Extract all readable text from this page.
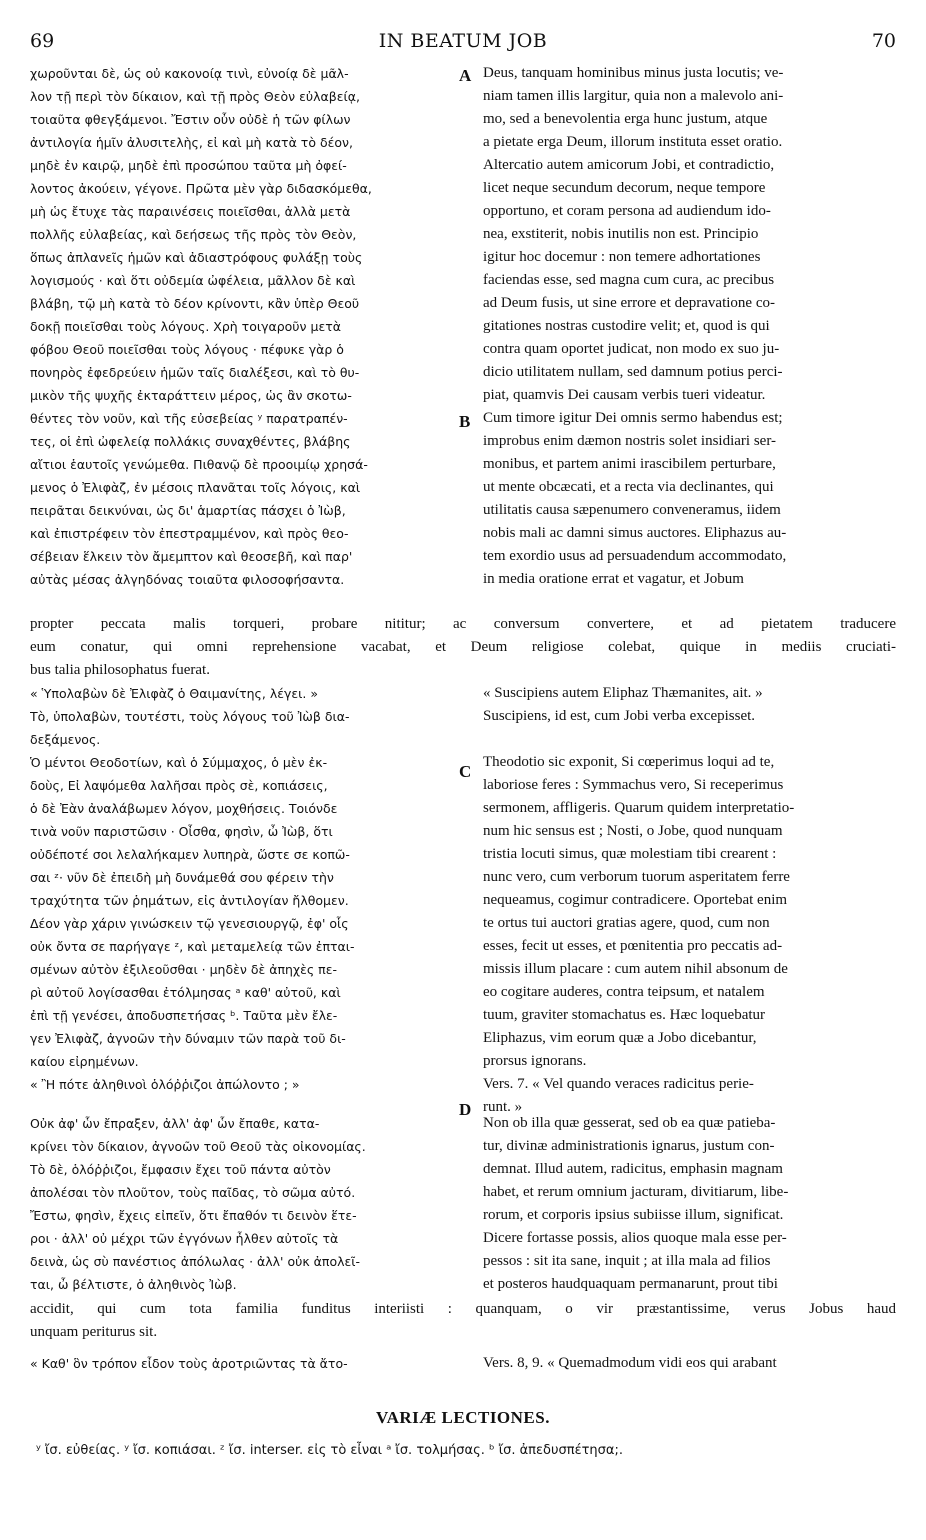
69	IN BEATUM JOB	70
χωροῦνται δὲ, ὡς οὐ κακονοίᾳ τινὶ, εὐνοίᾳ δὲ μᾶλ-
λον τῇ περὶ τὸν δίκαιον, καὶ τῇ πρὸς Θεὸν εὐλαβείᾳ,
τοιαῦτα φθεγξάμενοι. Ἔστιν οὖν οὐδὲ ἡ τῶν φίλων
ἀντιλογία ἡμῖν ἀλυσιτελὴς, εἰ καὶ μὴ κατὰ τὸ δέον,
μηδὲ ἐν καιρῷ, μηδὲ ἐπὶ προσώπου ταῦτα μὴ ὀφεί-
λοντος ἀκούειν, γέγονε. Πρῶτα μὲν γὰρ διδασκόμεθα,
μὴ ὡς ἔτυχε τὰς παραινέσεις ποιεῖσθαι, ἀλλὰ μετὰ
πολλῆς εὐλαβείας, καὶ δεήσεως τῆς πρὸς τὸν Θεὸν,
ὅπως ἀπλανεῖς ἡμῶν καὶ ἀδιαστρόφους φυλάξῃ τοὺς
λογισμούς · καὶ ὅτι οὐδεμία ὠφέλεια, μᾶλλον δὲ καὶ
βλάβη, τῷ μὴ κατὰ τὸ δέον κρίνοντι, κἂν ὑπὲρ Θεοῦ
δοκῇ ποιεῖσθαι τοὺς λόγους. Χρὴ τοιγαροῦν μετὰ
φόβου Θεοῦ ποιεῖσθαι τοὺς λόγους · πέφυκε γὰρ ὁ
πονηρὸς ἐφεδρεύειν ἡμῶν ταῖς διαλέξεσι, καὶ τὸ θυ-
μικὸν τῆς ψυχῆς ἐκταράττειν μέρος, ὡς ἂν σκοτω-
θέντες τὸν νοῦν, καὶ τῆς εὐσεβείας ʸ παρατραπέν-
τες, οἱ ἐπὶ ὠφελείᾳ πολλάκις συναχθέντες, βλάβης
αἴτιοι ἑαυτοῖς γενώμεθα. Πιθανῷ δὲ προοιμίῳ χρησά-
μενος ὁ Ἐλιφὰζ, ἐν μέσοις πλανᾶται τοῖς λόγοις, καὶ
πειρᾶται δεικνύναι, ὡς δι' ἁμαρτίας πάσχει ὁ Ἰὼβ,
καὶ ἐπιστρέφειν τὸν ἐπεστραμμένον, καὶ πρὸς θεο-
σέβειαν ἕλκειν τὸν ἄμεμπτον καὶ θεοσεβῆ, καὶ παρ'
αὐτὰς μέσας ἀλγηδόνας τοιαῦτα φιλοσοφήσαντα.
Deus, tanquam hominibus minus justa locutis; ve-
niam tamen illis largitur, quia non a malevolo ani-
mo, sed a benevolentia erga hunc justum, atque
a pietate erga Deum, illorum instituta esset oratio.
Altercatio autem amicorum Jobi, et contradictio,
licet neque secundum decorum, neque tempore
opportuno, et coram persona ad audiendum ido-
nea, exstiterit, nobis inutilis non est. Principio
igitur hoc docemur : non temere adhortationes
faciendas esse, sed magna cum cura, ac precibus
ad Deum fusis, ut sine errore et depravatione co-
gitationes nostras custodire velit; et, quod is qui
contra quam oportet judicat, non modo ex suo ju-
dicio utilitatem nullam, sed damnum potius perci-
piat, quamvis Dei causam verbis tueri videatur.
Cum timore igitur Dei omnis sermo habendus est;
improbus enim dæmon nostris solet insidiari ser-
monibus, et partem animi irascibilem perturbare,
ut mente obcæcati, et a recta via declinantes, qui
utilitatis causa sæpenumero conveneramus, iidem
nobis mali ac damni simus auctores. Eliphazus au-
tem exordio usus ad persuadendum accommodato,
in media oratione errat et vagatur, et Jobum
propter peccata malis torqueri, probare nititur; ac conversum convertere, et ad pietatem traducere
eum conatur, qui omni reprehensione vacabat, et Deum religiose colebat, quique in mediis cruciati-
bus talia philosophatus fuerat.
« Ὑπολαβὼν δὲ Ἐλιφὰζ ὁ Θαιμανίτης, λέγει. »
Τὸ, ὑπολαβὼν, τουτέστι, τοὺς λόγους τοῦ Ἰὼβ δια-
δεξάμενος.
Ὁ μέντοι Θεοδοτίων, καὶ ὁ Σύμμαχος, ὁ μὲν ἐκ-
δοὺς, Εἰ λαψόμεθα λαλῆσαι πρὸς σὲ, κοπιάσεις,
ὁ δὲ Ἐὰν ἀναλάβωμεν λόγον, μοχθήσεις. Τοιόνδε
τινὰ νοῦν παριστῶσιν · Οἶσθα, φησὶν, ὦ Ἰὼβ, ὅτι
οὐδέποτέ σοι λελαλήκαμεν λυπηρὰ, ὥστε σε κοπῶ-
σαι ᶻ· νῦν δὲ ἐπειδὴ μὴ δυνάμεθά σου φέρειν τὴν
τραχύτητα τῶν ῥημάτων, εἰς ἀντιλογίαν ἤλθομεν.
Δέον γὰρ χάριν γινώσκειν τῷ γενεσιουργῷ, ἐφ' οἷς
οὐκ ὄντα σε παρήγαγε ᶻ, καὶ μεταμελείᾳ τῶν ἐπται-
σμένων αὐτὸν ἐξιλεοῦσθαι · μηδὲν δὲ ἀπηχὲς πε-
ρὶ αὐτοῦ λογίσασθαι ἐτόλμησας ᵃ καθ' αὐτοῦ, καὶ
ἐπὶ τῇ γενέσει, ἀποδυσπετήσας ᵇ. Ταῦτα μὲν ἔλε-
γεν Ἐλιφὰζ, ἀγνοῶν τὴν δύναμιν τῶν παρὰ τοῦ δι-
καίου εἰρημένων.
« Ἢ πότε ἀληθινοὶ ὁλόῤῥιζοι ἀπώλοντο ; »
« Suscipiens autem Eliphaz Thæmanites, ait. »
Suscipiens, id est, cum Jobi verba excepisset.

Theodotio sic exponit, Si cœperimus loqui ad te,
laboriose feres : Symmachus vero, Si receperimus
sermonem, affligeris. Quarum quidem interpretatio-
num hic sensus est ; Nosti, o Jobe, quod nunquam
tristia locuti simus, quæ molestiam tibi crearent :
nunc vero, cum verborum tuorum asperitatem ferre
nequeamus, cogimur contradicere. Oportebat enim
te ortus tui auctori gratias agere, quod, cum non
esses, fecit ut esses, et pœnitentia pro peccatis ad-
missis illum placare : cum autem nihil absonum de
eo cogitare auderes, contra teipsum, et natalem
tuum, graviter stomachatus es. Hæc loquebatur
Eliphazus, vim eorum quæ a Jobo dicebantur,
prorsus ignorans.
Vers. 7. « Vel quando veraces radicitus perie-
runt. »
Οὐκ ἀφ' ὧν ἔπραξεν, ἀλλ' ἀφ' ὧν ἔπαθε, κατα-
κρίνει τὸν δίκαιον, ἀγνοῶν τοῦ Θεοῦ τὰς οἰκονομίας.
Τὸ δὲ, ὁλόῤῥιζοι, ἔμφασιν ἔχει τοῦ πάντα αὐτὸν
ἀπολέσαι τὸν πλοῦτον, τοὺς παῖδας, τὸ σῶμα αὐτό.
Ἔστω, φησὶν, ἔχεις εἰπεῖν, ὅτι ἔπαθόν τι δεινὸν ἕτε-
ροι · ἀλλ' οὐ μέχρι τῶν ἐγγόνων ἦλθεν αὐτοῖς τὰ
δεινὰ, ὡς σὺ πανέστιος ἀπόλωλας · ἀλλ' οὐκ ἀπολεῖ-
ται, ὦ βέλτιστε, ὁ ἀληθινὸς Ἰὼβ.
Non ob illa quæ gesserat, sed ob ea quæ patieba-
tur, divinæ administrationis ignarus, justum con-
demnat. Illud autem, radicitus, emphasin magnam
habet, et rerum omnium jacturam, divitiarum, libe-
rorum, et corporis ipsius subiisse illum, significat.
Dicere fortasse possis, alios quoque mala esse per-
pessos : sit ita sane, inquit ; at illa mala ad filios
et posteros haudquaquam permanarunt, prout tibi
accidit, qui cum tota familia funditus interiisti : quanquam, o vir præstantissime, verus Jobus haud
unquam periturus sit.
« Καθ' ὃν τρόπον εἶδον τοὺς ἀροτριῶντας τὰ ἄτο-	Vers. 8, 9. « Quemadmodum vidi eos qui arabant
A
B
C
D
VARIÆ LECTIONES.
ʸ ἴσ. εὐθείας. ʸ ἴσ. κοπιάσαι. ᶻ ἴσ. interser. εἰς τὸ εἶναι ᵃ ἴσ. τολμήσας. ᵇ ἴσ. ἀπεδυσπέτησα;.
